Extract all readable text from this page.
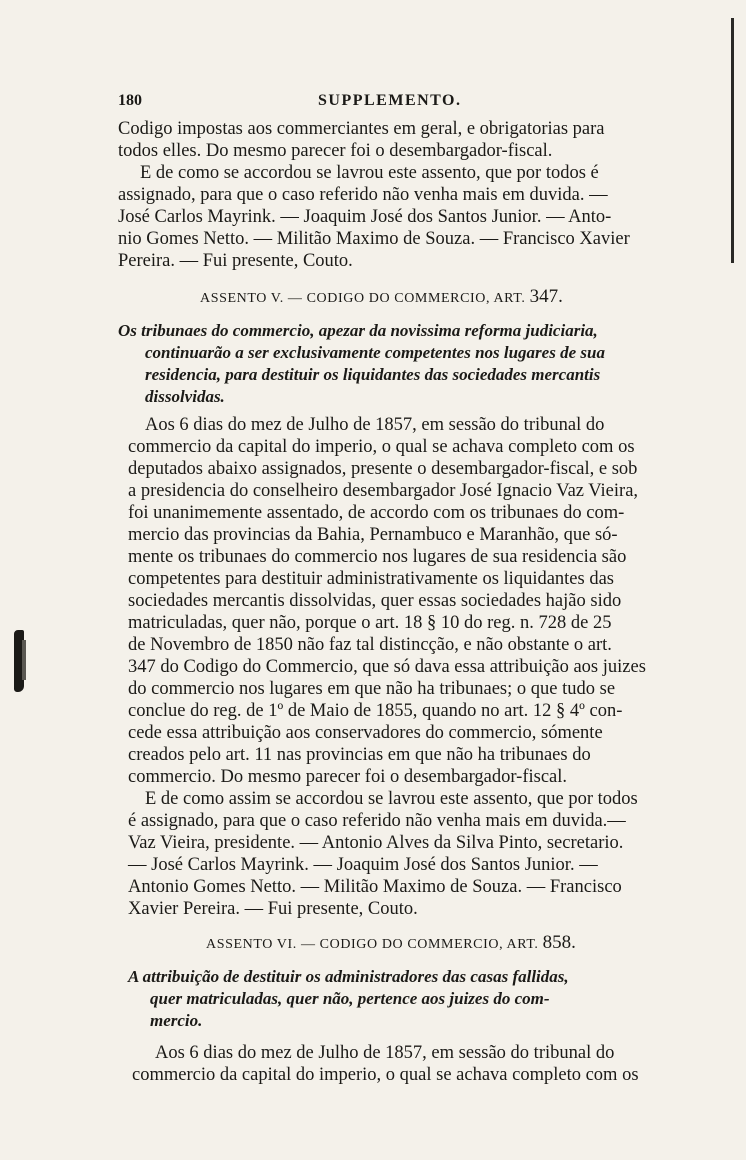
180	SUPPLEMENTO.
Codigo impostas aos commerciantes em geral, e obrigatorias para
todos elles. Do mesmo parecer foi o desembargador-fiscal.
E de como se accordou se lavrou este assento, que por todos é
assignado, para que o caso referido não venha mais em duvida. —
José Carlos Mayrink. — Joaquim José dos Santos Junior. — Anto-
nio Gomes Netto. — Militão Maximo de Souza. — Francisco Xavier
Pereira. — Fui presente, Couto.
ASSENTO V. — CODIGO DO COMMERCIO, ART. 347.
Os tribunaes do commercio, apezar da novissima reforma judiciaria,
continuarão a ser exclusivamente competentes nos lugares de sua
residencia, para destituir os liquidantes das sociedades mercantis
dissolvidas.
Aos 6 dias do mez de Julho de 1857, em sessão do tribunal do
commercio da capital do imperio, o qual se achava completo com os
deputados abaixo assignados, presente o desembargador-fiscal, e sob
a presidencia do conselheiro desembargador José Ignacio Vaz Vieira,
foi unanimemente assentado, de accordo com os tribunaes do com-
mercio das provincias da Bahia, Pernambuco e Maranhão, que só-
mente os tribunaes do commercio nos lugares de sua residencia são
competentes para destituir administrativamente os liquidantes das
sociedades mercantis dissolvidas, quer essas sociedades hajão sido
matriculadas, quer não, porque o art. 18 § 10 do reg. n. 728 de 25
de Novembro de 1850 não faz tal distincção, e não obstante o art.
347 do Codigo do Commercio, que só dava essa attribuição aos juizes
do commercio nos lugares em que não ha tribunaes; o que tudo se
conclue do reg. de 1º de Maio de 1855, quando no art. 12 § 4º con-
cede essa attribuição aos conservadores do commercio, sómente
creados pelo art. 11 nas provincias em que não ha tribunaes do
commercio. Do mesmo parecer foi o desembargador-fiscal.
E de como assim se accordou se lavrou este assento, que por todos
é assignado, para que o caso referido não venha mais em duvida.—
Vaz Vieira, presidente. — Antonio Alves da Silva Pinto, secretario.
— José Carlos Mayrink. — Joaquim José dos Santos Junior. —
Antonio Gomes Netto. — Militão Maximo de Souza. — Francisco
Xavier Pereira. — Fui presente, Couto.
ASSENTO VI. — CODIGO DO COMMERCIO, ART. 858.
A attribuição de destituir os administradores das casas fallidas,
quer matriculadas, quer não, pertence aos juizes do com-
mercio.
Aos 6 dias do mez de Julho de 1857, em sessão do tribunal do
commercio da capital do imperio, o qual se achava completo com os
